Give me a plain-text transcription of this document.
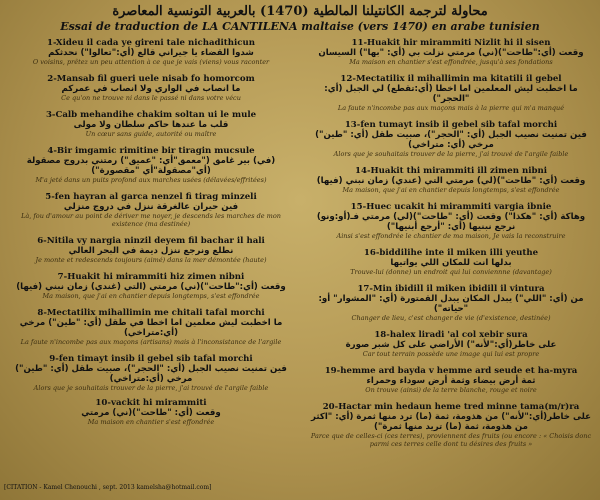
محاولة لترجمة الكانتيلنا المالطية (1470) بالعربية التونسية المعاصرة
Essai de traduction de LA CANTILENA maltaise (vers 1470) en arabe tunisien
1-Xideu il cada ye gireni tale nichadithicun
شدوا القضاء يا جيراني قالع (أي:"تعالوا") نحدثكم
O voisins, prêtez un peu attention à ce que je vais (viens) vous raconter
2-Mansab fil gueri uele nisab fo homorcom
ما انصاب في الواري ولا انصاب في عمركم
Ce qu'on ne trouve ni dans le passé ni dans votre vécu
3-Calb mehandihe chakim soltan ui le mule
قلب ما عندها حاكم سلطان ولا مولى
Un cœur sans guide, autorité ou maître
4-Bir imgamic rimitine bir tiragin mucsule
(في) بير غامق ("معمق"أي: "عميق") رمتني بدروج مصقولة (أي"مصقولة"أي "مقصورة")
M'a jeté dans un puits profond aux marches usées (délavées/effritées)
5-fen hayran al garca nenzel fi tirag minzeli
فين حيران عالغرقة ننزل في دروج منزلي
Là, fou d'amour au point de dériver me noyer, je descends les marches de mon existence (ma destinée)
6-Nitila vy nargia ninzil deyem fil bachar il hali
نطلع ونرجع ننزل ديمة في البحر العالي
Je monte et redescends toujours (aimé) dans la mer démontée (haute)
7-Huakit hi mirammiti hiz zimen nibni
وقعت (أي:"طاحت")(ني) مرمتي (التي (غندي) زمان نبني (فيها)
Ma maison, que j'ai en chantier depuis longtemps, s'est effondrée
8-Mectatilix mihallimin me chitali tafal morchi
ما اخطبت ليش معلمين اما اخطا في طقل (أي: "طين") مرخي (أي:متراخي)
La faute n'incombe pas aux maçons (artisans) mais à l'inconsistance de l'argile
9-fen timayt insib il gebel sib tafal morchi
فين تمنيت نصيب الجبل (أي: "الحجر")، صبيت طقل (أي: "طين") مرخي (أي:متراخي)
Alors que je souhaitais trouver de la pierre, j'ai trouvé de l'argile faible
10-vackit hi mirammiti
وقعت (أي: "طاحت")(ني) مرمتي
Ma maison en chantier s'est effondrée
11-Huakit hir mirammiti Nizlit hi il sisen
وقعت (أي:"طاحت")(ني) مرمتي نزلت بي (أي: "بها") السيسان
Ma maison en chantier s'est effondrée, jusqu'à ses fondations
12-Mectatilix il mihallimin ma kitatili il gebel
ما اخطبت ليش المعلمين اما اخطا (أي:تقطع) لي الجبل (أي: "الحجر")
La faute n'incombe pas aux maçons mais à la pierre qui m'a manqué
13-fen tumayt insib il gebel sib tafal morchi
فين تمنيت نصيب الجبل (أي: "الحجر")، صبيت طقل (أي: "طين") مرخي (أي: متراخي)
Alors que je souhaitais trouver de la pierre, j'ai trouvé de l'argile faible
14-Huakit thi mirammiti ill zimen nibni
وقعت (أي: "طاحت")(لي) مرمتي التي (عندي) زمان نبني (فيها)
Ma maison, que j'ai en chantier depuis longtemps, s'est effondrée
15-Huec ucakit hi mirammiti vargia ibnie
وهاكة (أي: "هكذا") وقعت (أي: "طاحت")(لي) مرمتي فـ(أو:ونو) نرجع نبنيها (أي: "أرجع أبنيها")
Ainsi s'est effondrée le chantier de ma maison, Je vais la reconstruire
16-biddilihe inte il miken illi yeuthe
بدلها انت للمكان اللي يواتيها
Trouve-lui (donne) un endroit qui lui conviennne (davantage)
17-Min ibidill il miken ibidill il vintura
من (أي: "اللي") يبدل المكان يبدل القمتورة (أي: "المشوار" أو: "حياته")
Changer de lieu, c'est changer de vie (d'existence, destinée)
18-halex liradi 'al col xebir sura
على خاطر(أي:"لأنه") الأراضي على كل شبر صورة
Car tout terrain possède une image qui lui est propre
19-hemme ard bayda v hemme ard seude et ha-myra
ثمة أرض بيضاء وثمة أرض سوداء وحمراء
On trouve (ainsi) de la terre blanche, rouge et noire
20-Hactar min hedaun heme tred minne tama(m/r)ra
على خاطر(أي:"لأنه") من هذومة، ثمة (ما) ترد منها ثمرة (أي: "اكثر من هذومة، ثمة (ما) تريد منها ثمرة")
Parce que de celles-ci (ces terres), proviennent des fruits (ou encore : « Choisis donc parmi ces terres celle dont tu désires des fruits »
[CITATION - Kamel Chenouchi , sept. 2013 kamelsha@hotmail.com]
